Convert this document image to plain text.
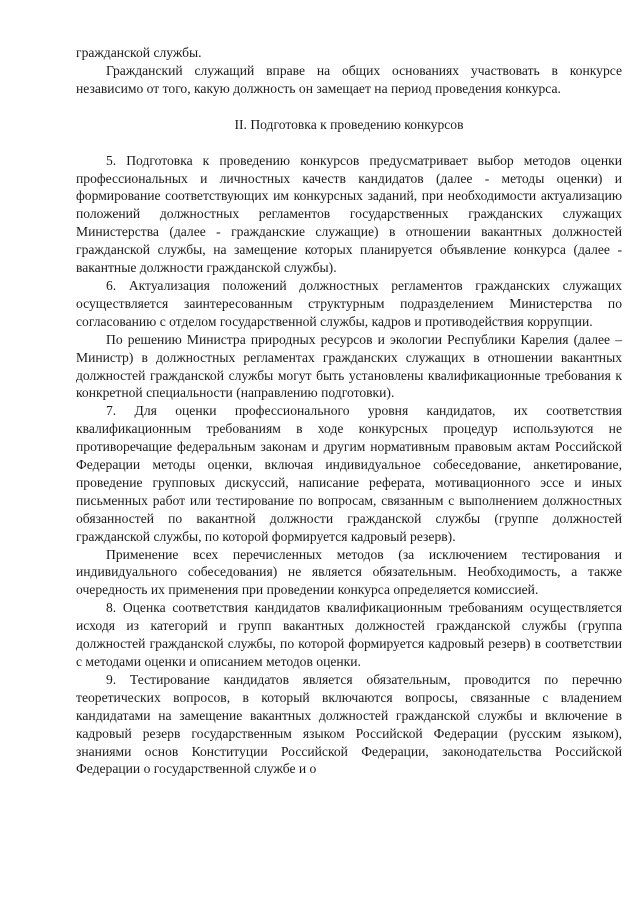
гражданской службы.

Гражданский служащий вправе на общих основаниях участвовать в конкурсе независимо от того, какую должность он замещает на период проведения конкурса.

II. Подготовка к проведению конкурсов

5. Подготовка к проведению конкурсов предусматривает выбор методов оценки профессиональных и личностных качеств кандидатов (далее - методы оценки) и формирование соответствующих им конкурсных заданий, при необходимости актуализацию положений должностных регламентов государственных гражданских служащих Министерства (далее - гражданские служащие) в отношении вакантных должностей гражданской службы, на замещение которых планируется объявление конкурса (далее - вакантные должности гражданской службы).

6. Актуализация положений должностных регламентов гражданских служащих осуществляется заинтересованным структурным подразделением Министерства по согласованию с отделом государственной службы, кадров и противодействия коррупции.

По решению Министра природных ресурсов и экологии Республики Карелия (далее – Министр) в должностных регламентах гражданских служащих в отношении вакантных должностей гражданской службы могут быть установлены квалификационные требования к конкретной специальности (направлению подготовки).

7. Для оценки профессионального уровня кандидатов, их соответствия квалификационным требованиям в ходе конкурсных процедур используются не противоречащие федеральным законам и другим нормативным правовым актам Российской Федерации методы оценки, включая индивидуальное собеседование, анкетирование, проведение групповых дискуссий, написание реферата, мотивационного эссе и иных письменных работ или тестирование по вопросам, связанным с выполнением должностных обязанностей по вакантной должности гражданской службы (группе должностей гражданской службы, по которой формируется кадровый резерв).

Применение всех перечисленных методов (за исключением тестирования и индивидуального собеседования) не является обязательным. Необходимость, а также очередность их применения при проведении конкурса определяется комиссией.

8. Оценка соответствия кандидатов квалификационным требованиям осуществляется исходя из категорий и групп вакантных должностей гражданской службы (группа должностей гражданской службы, по которой формируется кадровый резерв) в соответствии с методами оценки и описанием методов оценки.

9. Тестирование кандидатов является обязательным, проводится по перечню теоретических вопросов, в который включаются вопросы, связанные с владением кандидатами на замещение вакантных должностей гражданской службы и включение в кадровый резерв государственным языком Российской Федерации (русским языком), знаниями основ Конституции Российской Федерации, законодательства Российской Федерации о государственной службе и о
